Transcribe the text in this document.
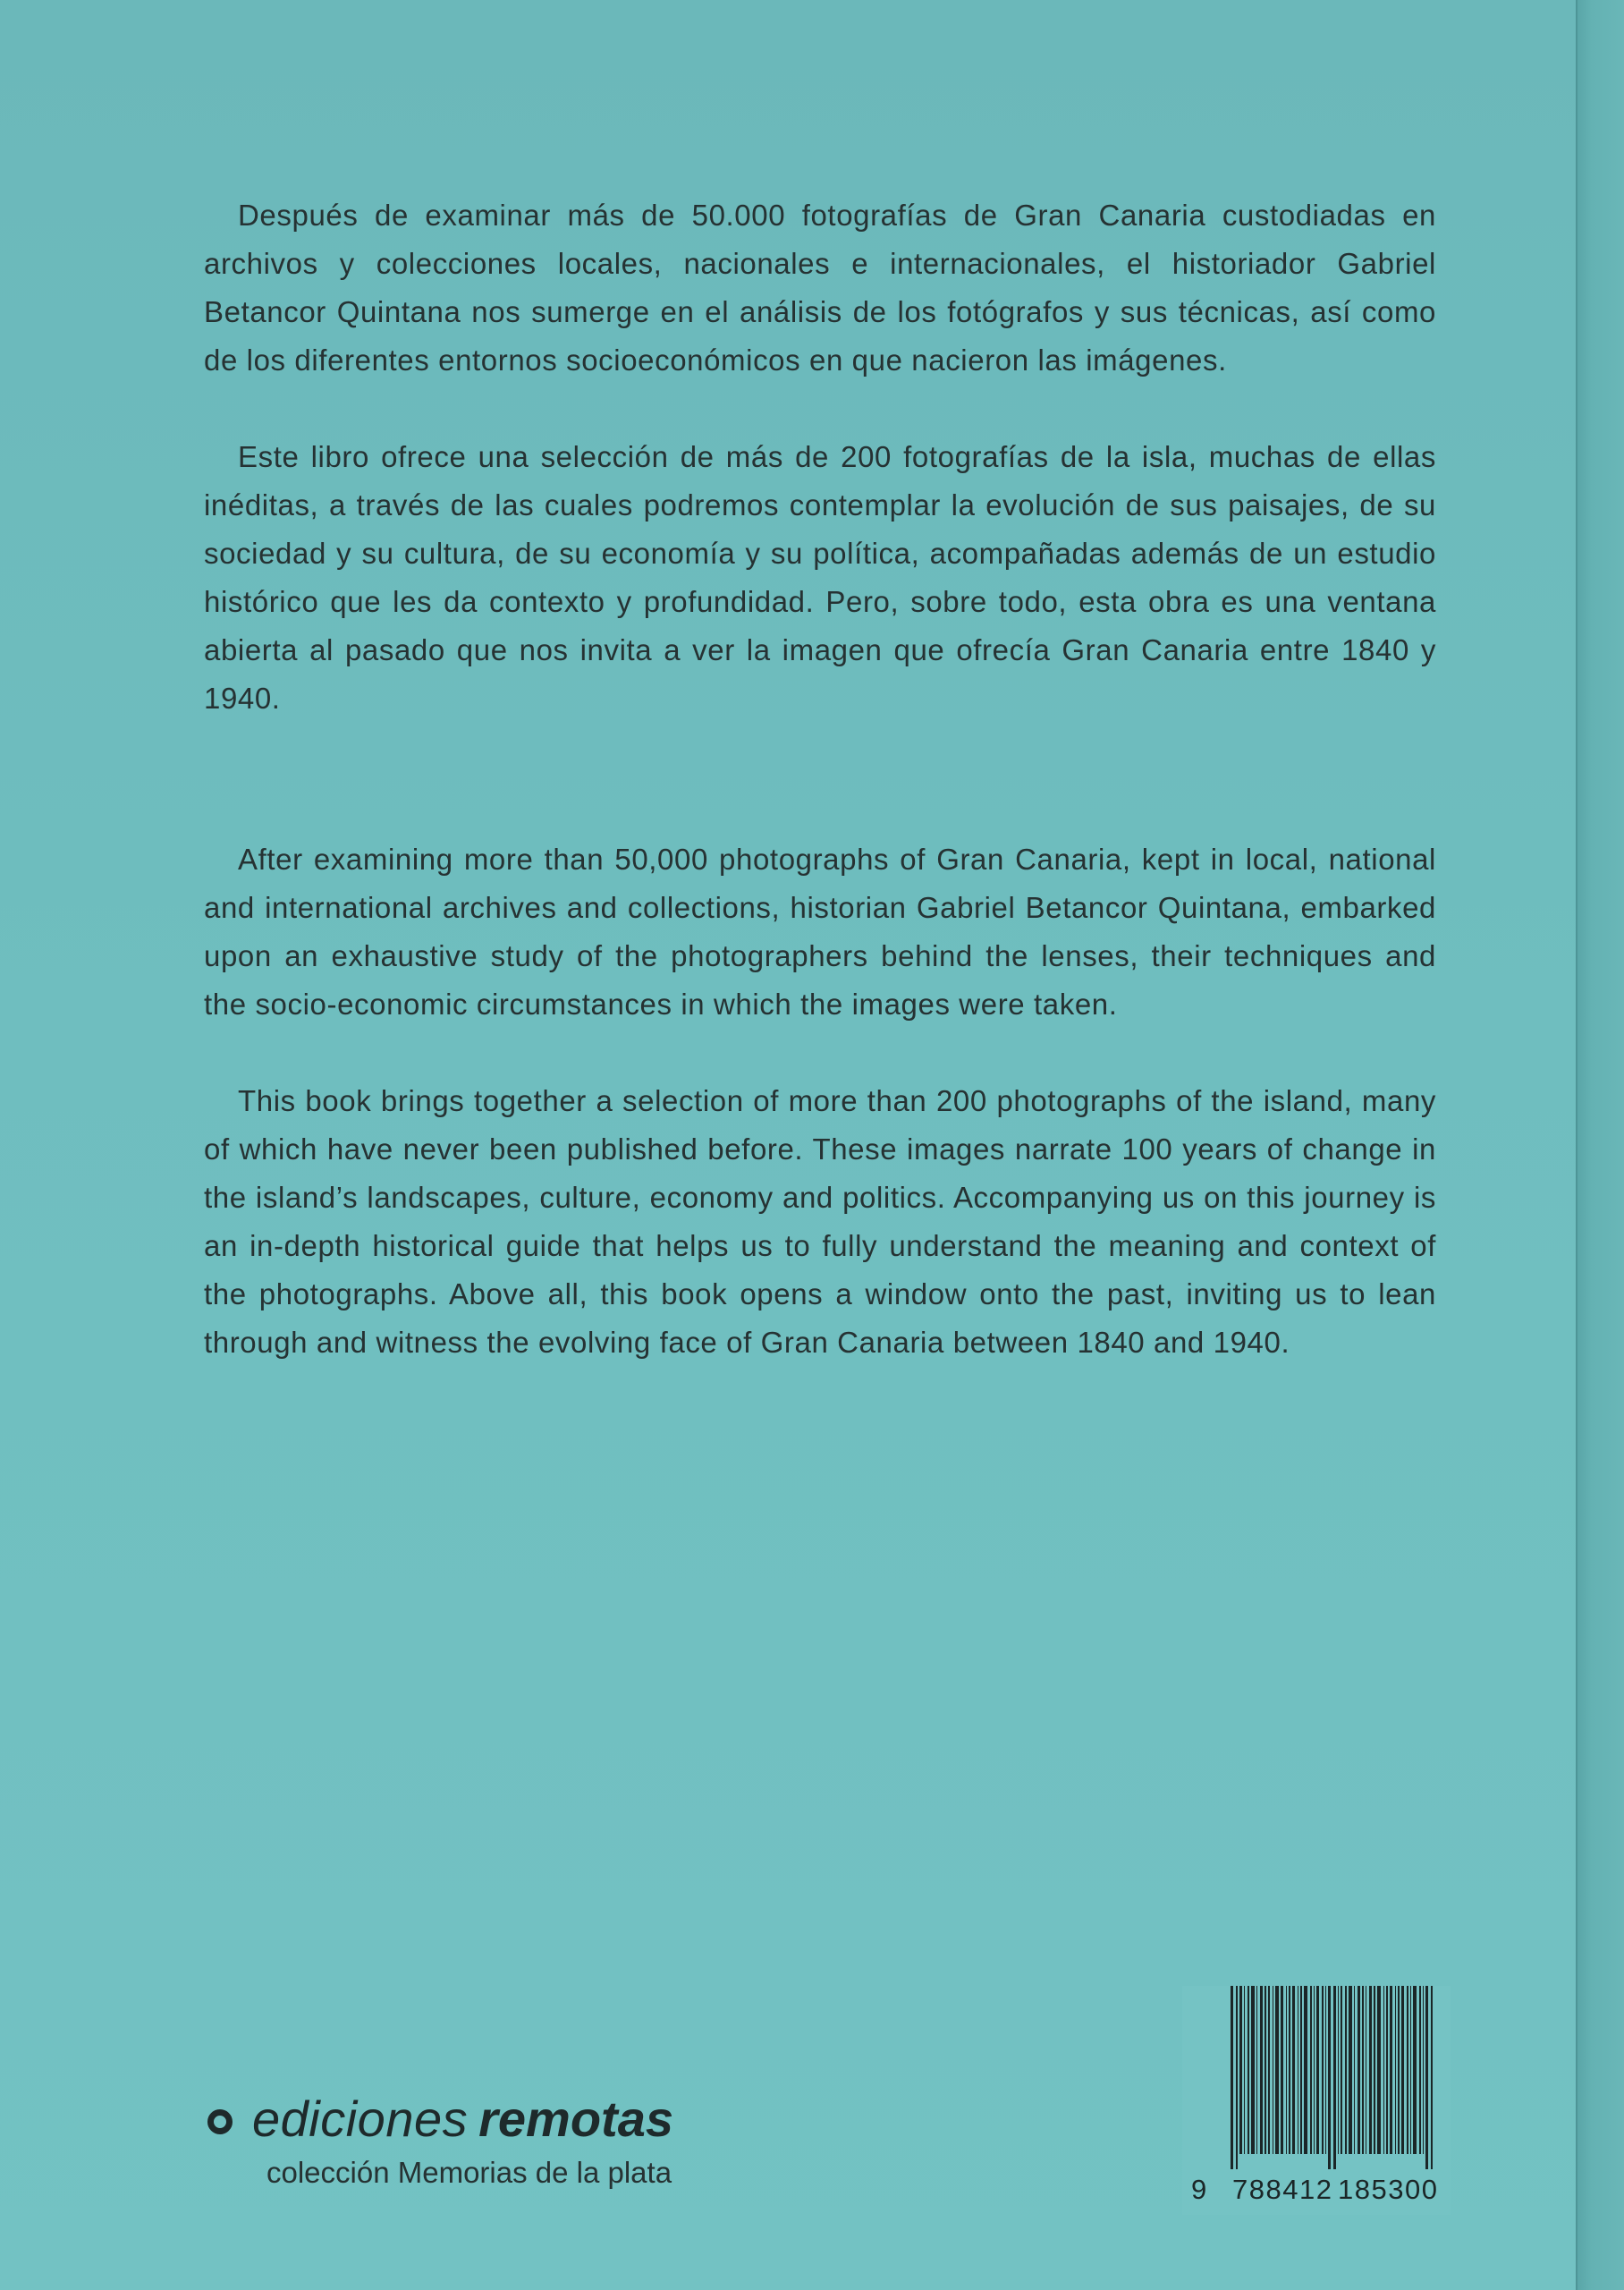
Después de examinar más de 50.000 fotografías de Gran Canaria custodiadas en archivos y colecciones locales, nacionales e internacionales, el historiador Gabriel Betancor Quintana nos sumerge en el análisis de los fotógrafos y sus técnicas, así como de los diferentes entornos socioeconómicos en que nacieron las imágenes.

Este libro ofrece una selección de más de 200 fotografías de la isla, muchas de ellas inéditas, a través de las cuales podremos contemplar la evolución de sus paisajes, de su sociedad y su cultura, de su economía y su política, acompañadas además de un estudio histórico que les da contexto y profundidad. Pero, sobre todo, esta obra es una ventana abierta al pasado que nos invita a ver la imagen que ofrecía Gran Canaria entre 1840 y 1940.

After examining more than 50,000 photographs of Gran Canaria, kept in local, national and international archives and collections, historian Gabriel Betancor Quintana, embarked upon an exhaustive study of the photographers behind the lenses, their techniques and the socio-economic circumstances in which the images were taken.

This book brings together a selection of more than 200 photographs of the island, many of which have never been published before. These images narrate 100 years of change in the island’s landscapes, culture, economy and politics. Accompanying us on this journey is an in-depth historical guide that helps us to fully understand the meaning and context of the photographs. Above all, this book opens a window onto the past, inviting us to lean through and witness the evolving face of Gran Canaria between 1840 and 1940.

ediciones remotas
colección Memorias de la plata
9 788412 185300
